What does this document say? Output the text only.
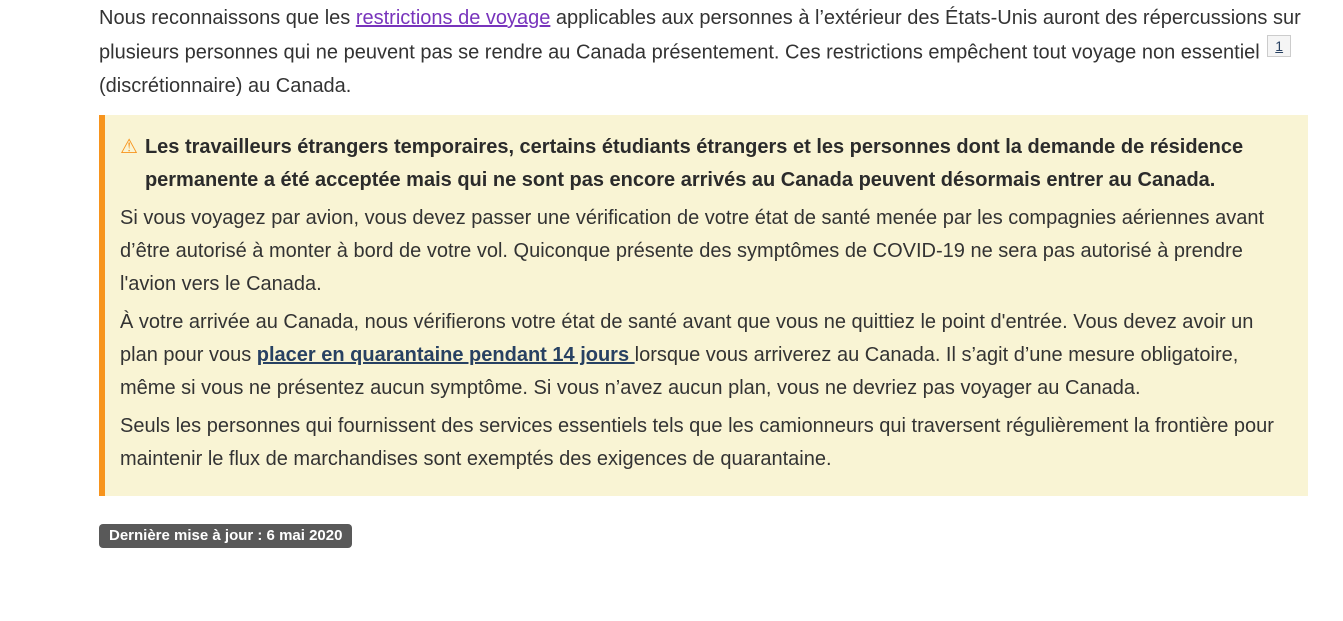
Nous reconnaissons que les restrictions de voyage applicables aux personnes à l’extérieur des États-Unis auront des répercussions sur plusieurs personnes qui ne peuvent pas se rendre au Canada présentement. Ces restrictions empêchent tout voyage non essentiel $^1$ (discrétionnaire) au Canada.

⚠ Les travailleurs étrangers temporaires, certains étudiants étrangers et les personnes dont la demande de résidence permanente a été acceptée mais qui ne sont pas encore arrivés au Canada peuvent désormais entrer au Canada.

Si vous voyagez par avion, vous devez passer une vérification de votre état de santé menée par les compagnies aériennes avant d’être autorisé à monter à bord de votre vol. Quiconque présente des symptômes de COVID-19 ne sera pas autorisé à prendre l'avion vers le Canada.

À votre arrivée au Canada, nous vérifierons votre état de santé avant que vous ne quittiez le point d'entrée. Vous devez avoir un plan pour vous placer en quarantaine pendant 14 jours lorsque vous arriverez au Canada. Il s’agit d’une mesure obligatoire, même si vous ne présentez aucun symptôme. Si vous n’avez aucun plan, vous ne devriez pas voyager au Canada.

Seuls les personnes qui fournissent des services essentiels tels que les camionneurs qui traversent régulièrement la frontière pour maintenir le flux de marchandises sont exemptés des exigences de quarantaine.

Dernière mise à jour : 6 mai 2020
